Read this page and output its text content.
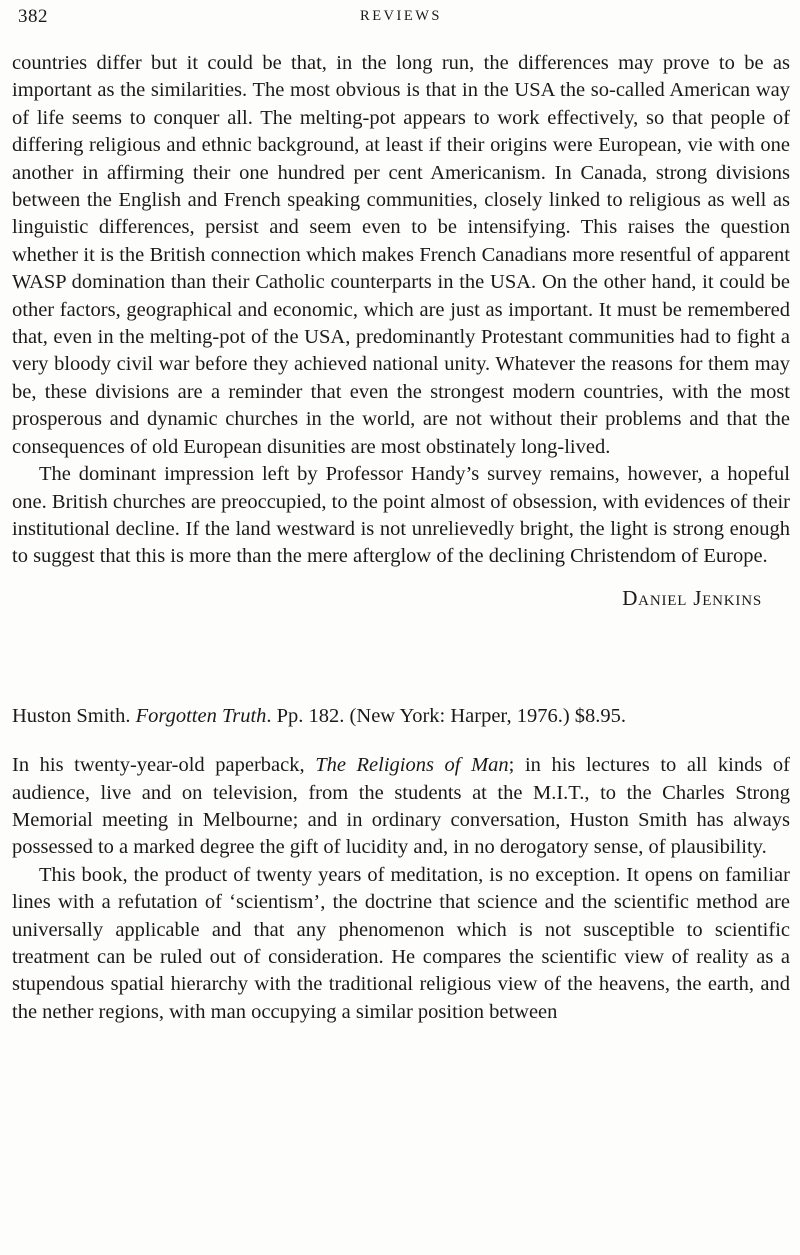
382	REVIEWS

countries differ but it could be that, in the long run, the differences may prove to be as important as the similarities. The most obvious is that in the USA the so-called American way of life seems to conquer all. The melting-pot appears to work effectively, so that people of differing religious and ethnic background, at least if their origins were European, vie with one another in affirming their one hundred per cent Americanism. In Canada, strong divisions between the English and French speaking communities, closely linked to religious as well as linguistic differences, persist and seem even to be intensifying. This raises the question whether it is the British connection which makes French Canadians more resentful of apparent WASP domination than their Catholic counterparts in the USA. On the other hand, it could be other factors, geographical and economic, which are just as important. It must be remembered that, even in the melting-pot of the USA, predominantly Protestant communities had to fight a very bloody civil war before they achieved national unity. Whatever the reasons for them may be, these divisions are a reminder that even the strongest modern countries, with the most prosperous and dynamic churches in the world, are not without their problems and that the consequences of old European disunities are most obstinately long-lived.

The dominant impression left by Professor Handy’s survey remains, however, a hopeful one. British churches are preoccupied, to the point almost of obsession, with evidences of their institutional decline. If the land westward is not unrelievedly bright, the light is strong enough to suggest that this is more than the mere afterglow of the declining Christendom of Europe.

Daniel Jenkins
Huston Smith. Forgotten Truth. Pp. 182. (New York: Harper, 1976.) $8.95.

In his twenty-year-old paperback, The Religions of Man; in his lectures to all kinds of audience, live and on television, from the students at the M.I.T., to the Charles Strong Memorial meeting in Melbourne; and in ordinary conversation, Huston Smith has always possessed to a marked degree the gift of lucidity and, in no derogatory sense, of plausibility.

This book, the product of twenty years of meditation, is no exception. It opens on familiar lines with a refutation of ‘scientism’, the doctrine that science and the scientific method are universally applicable and that any phenomenon which is not susceptible to scientific treatment can be ruled out of consideration. He compares the scientific view of reality as a stupendous spatial hierarchy with the traditional religious view of the heavens, the earth, and the nether regions, with man occupying a similar position between
